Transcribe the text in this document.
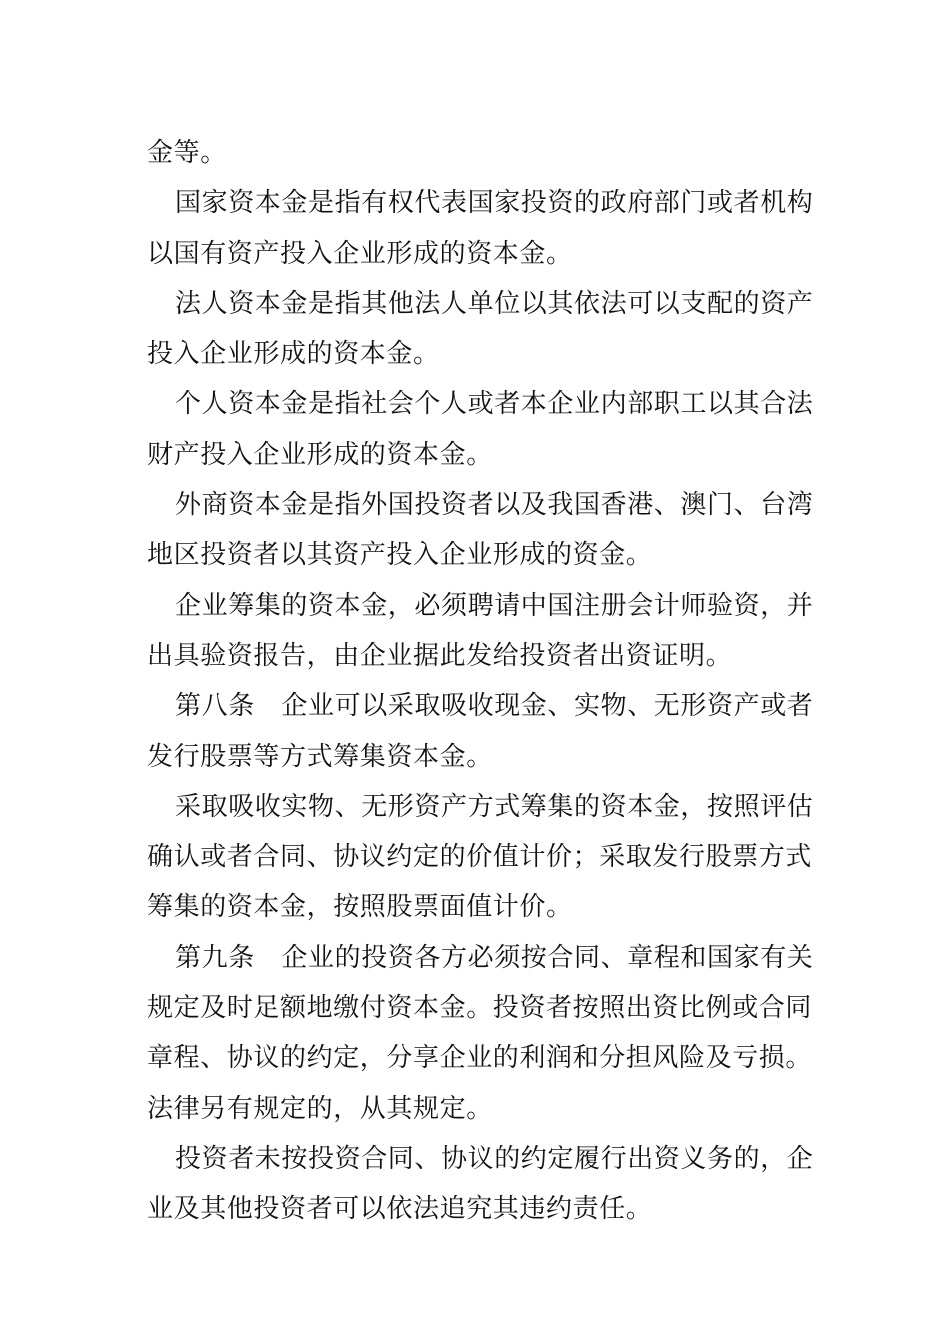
金等。
国家资本金是指有权代表国家投资的政府部门或者机构
以国有资产投入企业形成的资本金。
法人资本金是指其他法人单位以其依法可以支配的资产
投入企业形成的资本金。
个人资本金是指社会个人或者本企业内部职工以其合法
财产投入企业形成的资本金。
外商资本金是指外国投资者以及我国香港、澳门、台湾
地区投资者以其资产投入企业形成的资金。
企业筹集的资本金，必须聘请中国注册会计师验资，并
出具验资报告，由企业据此发给投资者出资证明。
第八条　企业可以采取吸收现金、实物、无形资产或者
发行股票等方式筹集资本金。
采取吸收实物、无形资产方式筹集的资本金，按照评估
确认或者合同、协议约定的价值计价；采取发行股票方式
筹集的资本金，按照股票面值计价。
第九条　企业的投资各方必须按合同、章程和国家有关
规定及时足额地缴付资本金。投资者按照出资比例或合同
章程、协议的约定，分享企业的利润和分担风险及亏损。
法律另有规定的，从其规定。
投资者未按投资合同、协议的约定履行出资义务的，企
业及其他投资者可以依法追究其违约责任。
